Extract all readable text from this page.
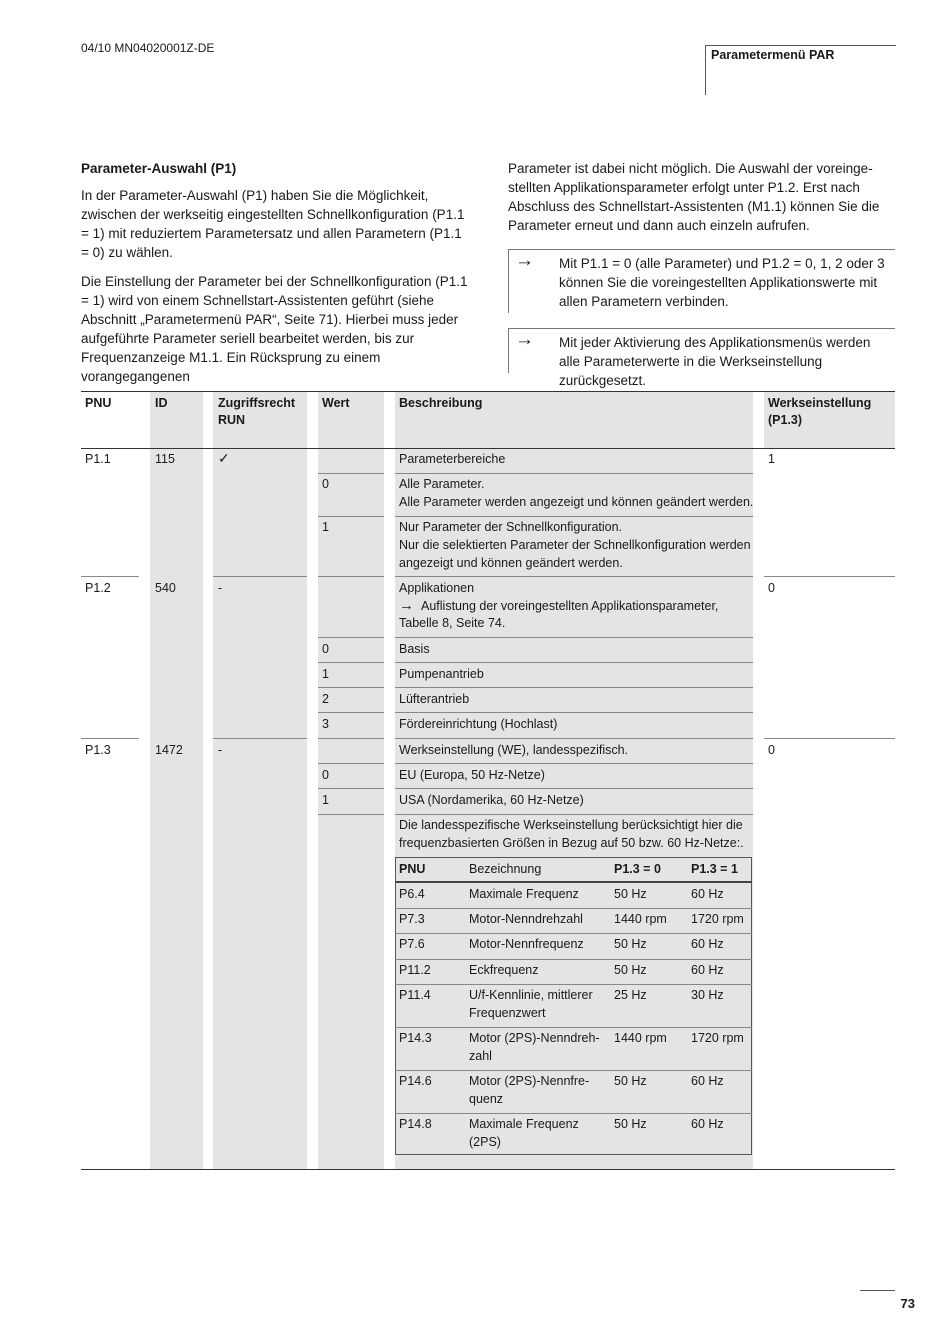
04/10 MN04020001Z-DE	Parametermenü PAR
Parameter-Auswahl (P1)

In der Parameter-Auswahl (P1) haben Sie die Möglichkeit, zwischen der werkseitig eingestellten Schnellkonfiguration (P1.1 = 1) mit reduziertem Parametersatz und allen Parametern (P1.1 = 0) zu wählen.

Die Einstellung der Parameter bei der Schnellkonfiguration (P1.1 = 1) wird von einem Schnellstart-Assistenten geführt (siehe Abschnitt „Parametermenü PAR“, Seite 71). Hierbei muss jeder aufgeführte Parameter seriell bearbeitet werden, bis zur Frequenzanzeige M1.1. Ein Rücksprung zu einem vorangegangenen

Parameter ist dabei nicht möglich. Die Auswahl der voreingestellten Applikationsparameter erfolgt unter P1.2. Erst nach Abschluss des Schnellstart-Assistenten (M1.1) können Sie die Parameter erneut und dann auch einzeln aufrufen.

→ Mit P1.1 = 0 (alle Parameter) und P1.2 = 0, 1, 2 oder 3 können Sie die voreingestellten Applikationswerte mit allen Parametern verbinden.
→ Mit jeder Aktivierung des Applikationsmenüs werden alle Parameterwerte in die Werkseinstellung zurückgesetzt.
PNU	ID	Zugriffsrecht
RUN
Wert	Beschreibung	Werkseinstellung
(P1.3)
P1.1	115	✓	1
Parameterbereiche
0	Alle Parameter.
Alle Parameter werden angezeigt und können geändert werden.
1	Nur Parameter der Schnellkonfiguration.
Nur die selektierten Parameter der Schnellkonfiguration werden
angezeigt und können geändert werden.
P1.2	540	-	0
Applikationen
→ Auflistung der voreingestellten Applikationsparameter,
Tabelle 8, Seite 74.
0	Basis
1	Pumpenantrieb
2	Lüfterantrieb
3	Fördereinrichtung (Hochlast)
P1.3	1472	-	0
Werkseinstellung (WE), landesspezifisch.
0	EU (Europa, 50 Hz-Netze)
1	USA (Nordamerika, 60 Hz-Netze)
Die landesspezifische Werkseinstellung berücksichtigt hier die
frequenzbasierten Größen in Bezug auf 50 bzw. 60 Hz-Netze:.
PNU	Bezeichnung	P1.3 = 0 P1.3 = 1
P6.4	Maximale Frequenz	50 Hz	60 Hz
P7.3	Motor-Nenndrehzahl 1440 rpm 1720 rpm
P7.6	Motor-Nennfrequenz 50 Hz	60 Hz
P11.2	Eckfrequenz	50 Hz	60 Hz
P11.4	U/f-Kennlinie, mittlerer
Frequenzwert
25 Hz	30 Hz
P14.3	Motor (2PS)-Nenndreh-
zahl
1440 rpm 1720 rpm
P14.6	Motor (2PS)-Nennfre-
quenz
50 Hz	60 Hz
P14.8	Maximale Frequenz
(2PS)
50 Hz	60 Hz
73
